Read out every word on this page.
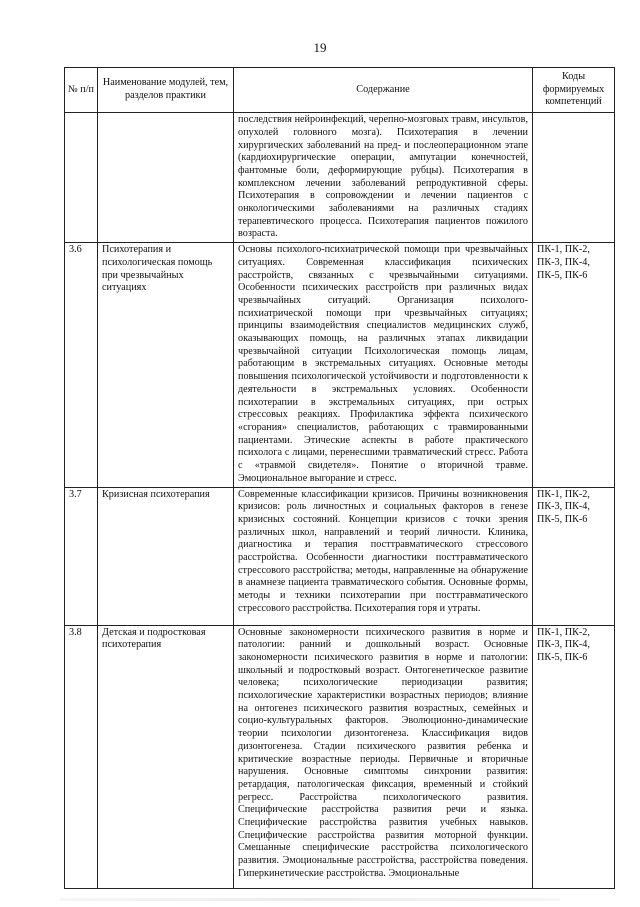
19
№ п/п	Наименование модулей, тем, разделов практики	Содержание	Коды формируемых компетенций
		последствия нейроинфекций, черепно-мозговых травм, инсультов, опухолей головного мозга). Психотерапия в лечении хирургических заболеваний на пред- и послеоперационном этапе (кардиохирургические операции, ампутации конечностей, фантомные боли, деформирующие рубцы). Психотерапия в комплексном лечении заболеваний репродуктивной сферы. Психотерапия в сопровождении и лечении пациентов с онкологическими заболеваниями на различных стадиях терапевтического процесса. Психотерапия пациентов пожилого возраста.	
3.6	Психотерапия и психологическая помощь при чрезвычайных ситуациях	Основы психолого-психиатрической помощи при чрезвычайных ситуациях. Современная классификация психических расстройств, связанных с чрезвычайными ситуациями. Особенности психических расстройств при различных видах чрезвычайных ситуаций. Организация психолого-психиатрической помощи при чрезвычайных ситуациях; принципы взаимодействия специалистов медицинских служб, оказывающих помощь, на различных этапах ликвидации чрезвычайной ситуации Психологическая помощь лицам, работающим в экстремальных ситуациях. Основные методы повышения психологической устойчивости и подготовленности к деятельности в экстремальных условиях. Особенности психотерапии в экстремальных ситуациях, при острых стрессовых реакциях. Профилактика эффекта психического «сгорания» специалистов, работающих с травмированными пациентами. Этические аспекты в работе практического психолога с лицами, перенесшими травматический стресс. Работа с «травмой свидетеля». Понятие о вторичной травме. Эмоциональное выгорание и стресс.	ПК-1, ПК-2, ПК-3, ПК-4, ПК-5, ПК-6
3.7	Кризисная психотерапия	Современные классификации кризисов. Причины возникновения кризисов: роль личностных и социальных факторов в генезе кризисных состояний. Концепции кризисов с точки зрения различных школ, направлений и теорий личности. Клиника, диагностика и терапия посттравматического стрессового расстройства. Особенности диагностики посттравматического стрессового расстройства; методы, направленные на обнаружение в анамнезе пациента травматического события. Основные формы, методы и техники психотерапии при посттравматического стрессового расстройства. Психотерапия горя и утраты.	ПК-1, ПК-2, ПК-3, ПК-4, ПК-5, ПК-6
3.8	Детская и подростковая психотерапия	Основные закономерности психического развития в норме и патологии: ранний и дошкольный возраст. Основные закономерности психического развития в норме и патологии: школьный и подростковый возраст. Онтогенетическое развитие человека; психологические периодизации развития; психологические характеристики возрастных периодов; влияние на онтогенез психического развития возрастных, семейных и социо-культуральных факторов. Эволюционно-динамические теории психологии дизонтогенеза. Классификация видов дизонтогенеза. Стадии психического развития ребенка и критические возрастные периоды. Первичные и вторичные нарушения. Основные симптомы синхронии развития: ретардация, патологическая фиксация, временный и стойкий регресс. Расстройства психологического развития. Специфические расстройства развития речи и языка. Специфические расстройства развития учебных навыков. Специфические расстройства развития моторной функции. Смешанные специфические расстройства психологического развития. Эмоциональные расстройства, расстройства поведения. Гиперкинетические расстройства. Эмоциональные	ПК-1, ПК-2, ПК-3, ПК-4, ПК-5, ПК-6
